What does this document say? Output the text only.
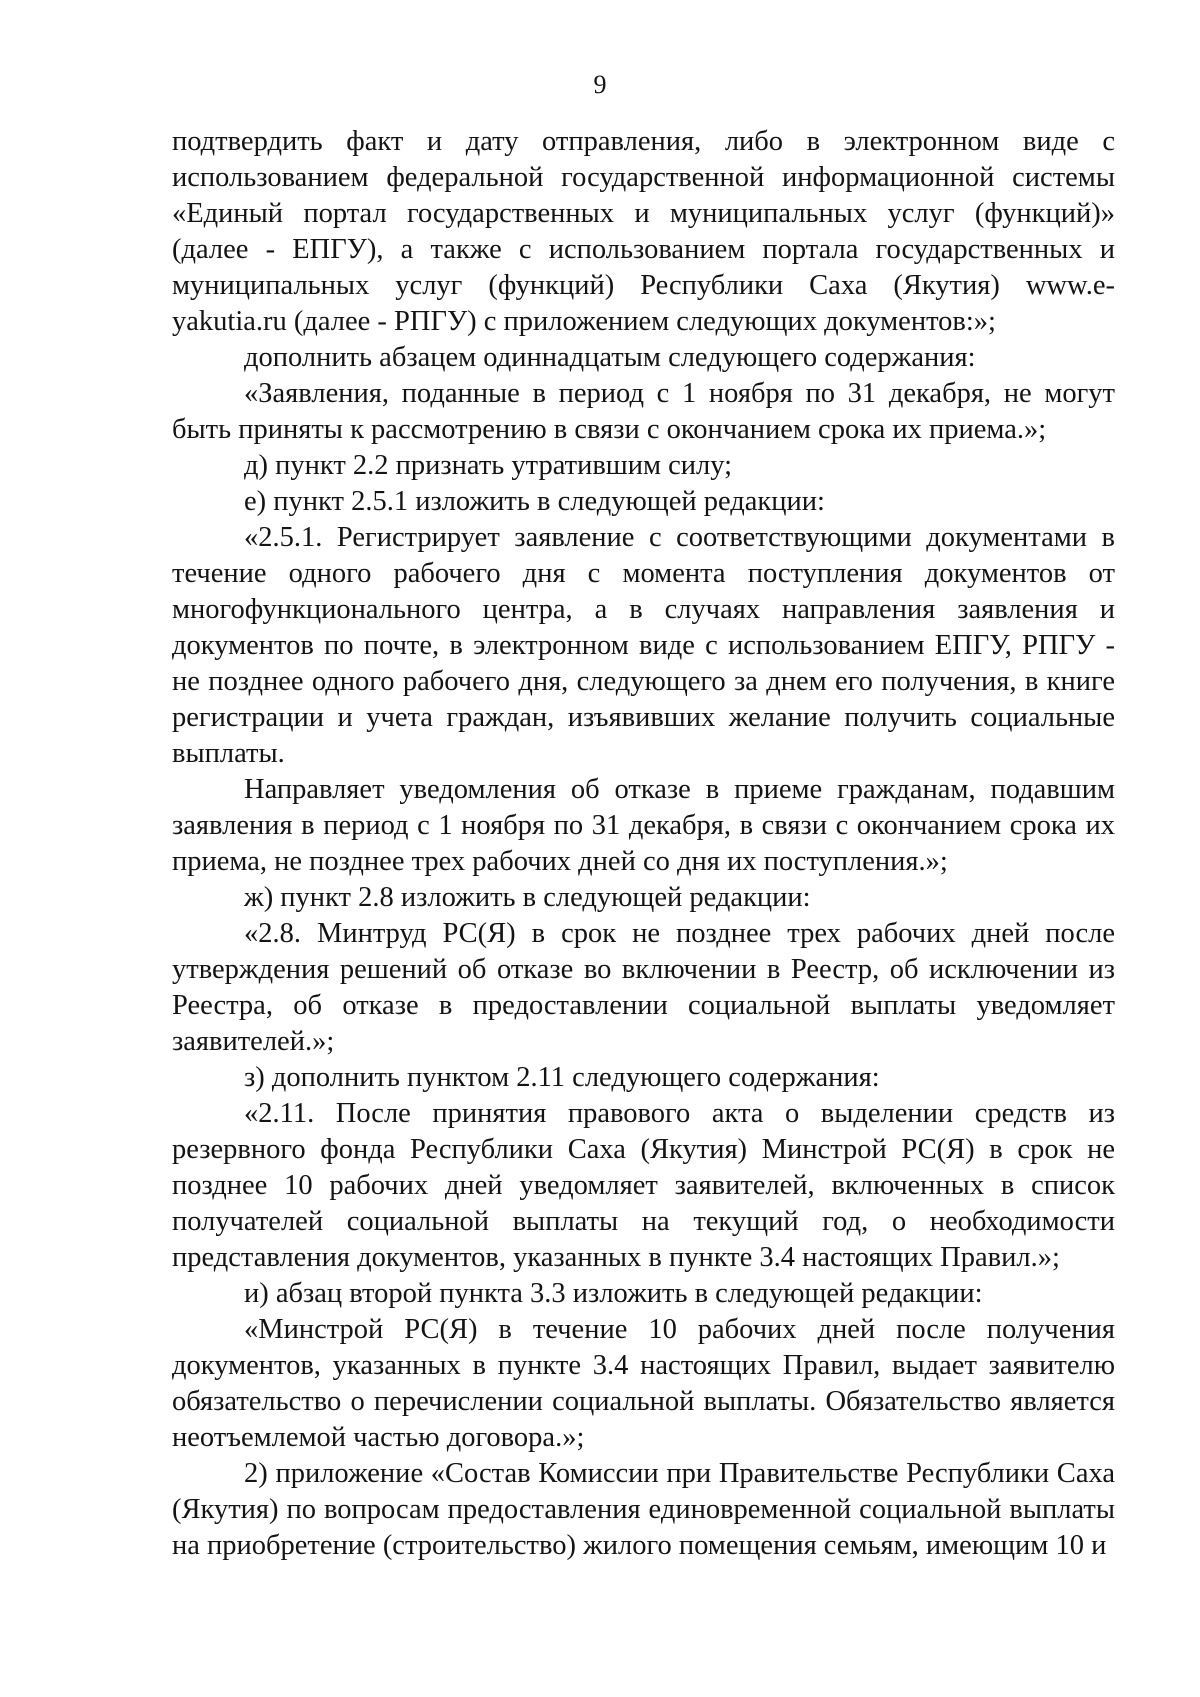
9

подтвердить факт и дату отправления, либо в электронном виде с использованием федеральной государственной информационной системы «Единый портал государственных и муниципальных услуг (функций)» (далее - ЕПГУ), а также с использованием портала государственных и муниципальных услуг (функций) Республики Саха (Якутия) www.e-yakutia.ru (далее - РПГУ) с приложением следующих документов:»;

дополнить абзацем одиннадцатым следующего содержания:

«Заявления, поданные в период с 1 ноября по 31 декабря, не могут быть приняты к рассмотрению в связи с окончанием срока их приема.»;

д) пункт 2.2 признать утратившим силу;

е) пункт 2.5.1 изложить в следующей редакции:

«2.5.1. Регистрирует заявление с соответствующими документами в течение одного рабочего дня с момента поступления документов от многофункционального центра, а в случаях направления заявления и документов по почте, в электронном виде с использованием ЕПГУ, РПГУ - не позднее одного рабочего дня, следующего за днем его получения, в книге регистрации и учета граждан, изъявивших желание получить социальные выплаты.

Направляет уведомления об отказе в приеме гражданам, подавшим заявления в период с 1 ноября по 31 декабря, в связи с окончанием срока их приема, не позднее трех рабочих дней со дня их поступления.»;

ж) пункт 2.8 изложить в следующей редакции:

«2.8. Минтруд РС(Я) в срок не позднее трех рабочих дней после утверждения решений об отказе во включении в Реестр, об исключении из Реестра, об отказе в предоставлении социальной выплаты уведомляет заявителей.»;

з) дополнить пунктом 2.11 следующего содержания:

«2.11. После принятия правового акта о выделении средств из резервного фонда Республики Саха (Якутия) Минстрой РС(Я) в срок не позднее 10 рабочих дней уведомляет заявителей, включенных в список получателей социальной выплаты на текущий год, о необходимости представления документов, указанных в пункте 3.4 настоящих Правил.»;

и) абзац второй пункта 3.3 изложить в следующей редакции:

«Минстрой РС(Я) в течение 10 рабочих дней после получения документов, указанных в пункте 3.4 настоящих Правил, выдает заявителю обязательство о перечислении социальной выплаты. Обязательство является неотъемлемой частью договора.»;

2) приложение «Состав Комиссии при Правительстве Республики Саха (Якутия) по вопросам предоставления единовременной социальной выплаты на приобретение (строительство) жилого помещения семьям, имеющим 10 и
